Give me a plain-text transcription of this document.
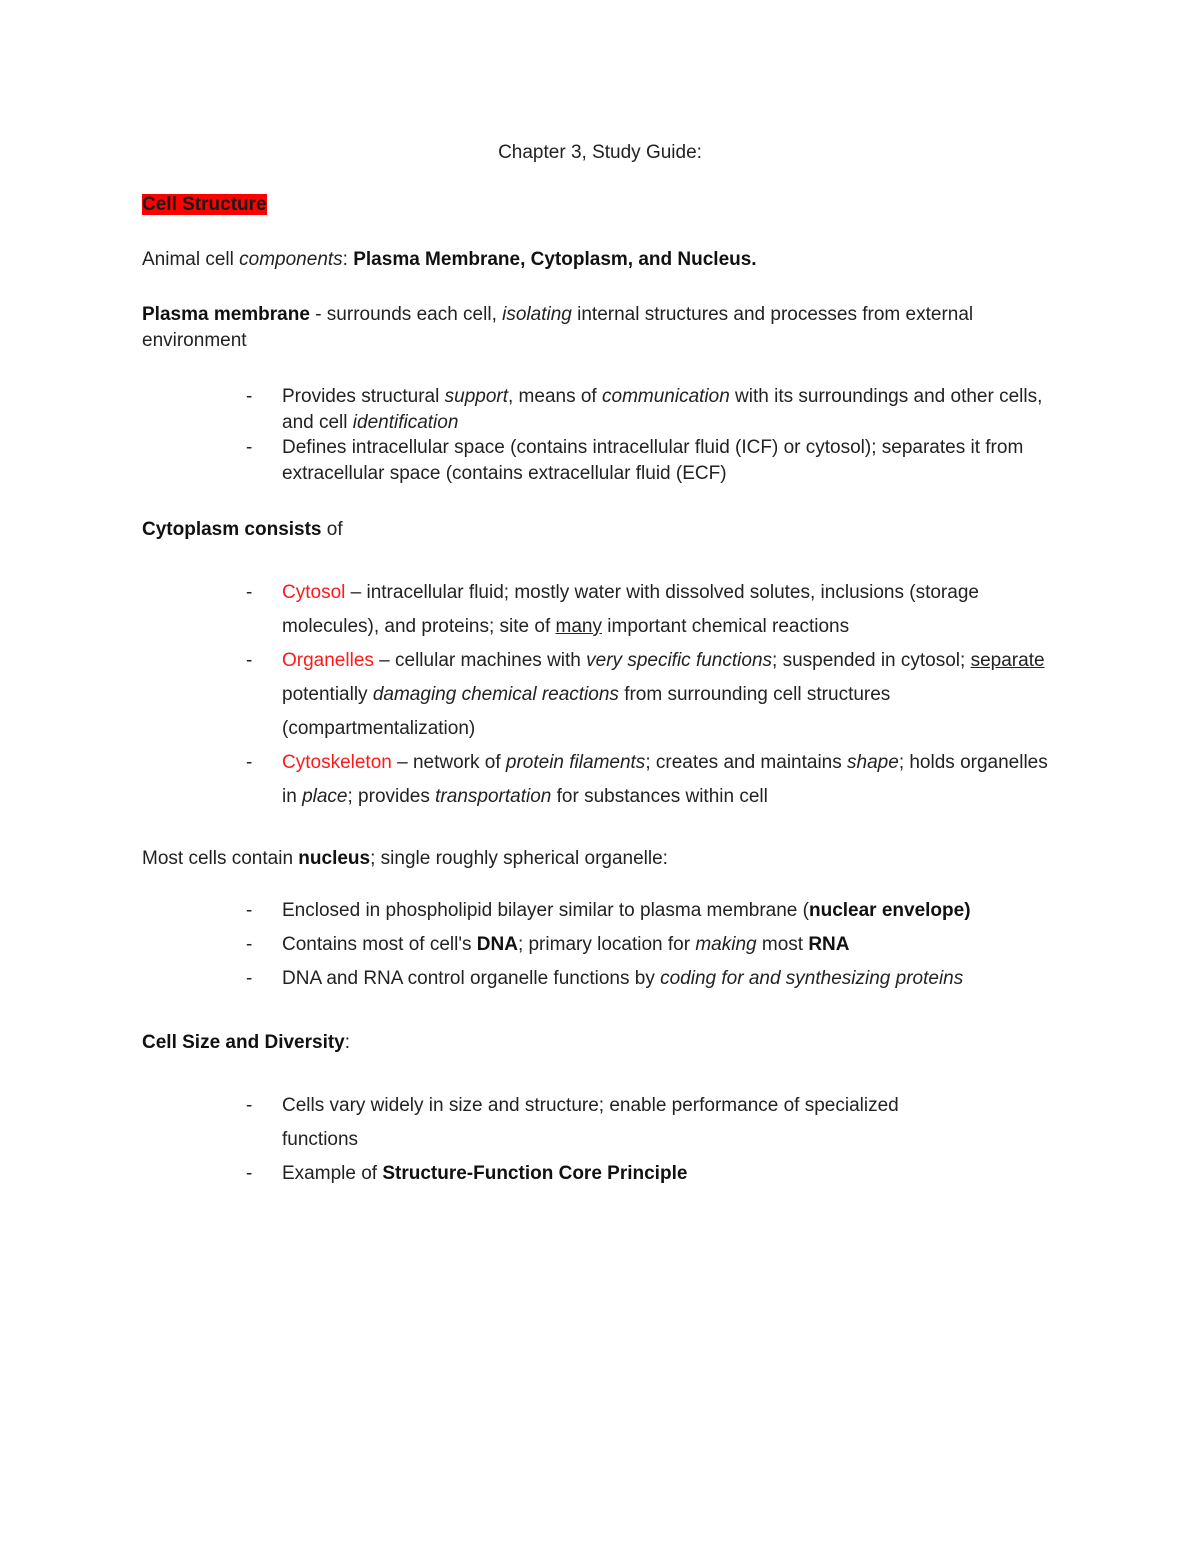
Chapter 3, Study Guide:

Cell Structure

Animal cell components: Plasma Membrane, Cytoplasm, and Nucleus.

Plasma membrane - surrounds each cell, isolating internal structures and processes from external environment

- Provides structural support, means of communication with its surroundings and other cells, and cell identification
- Defines intracellular space (contains intracellular fluid (ICF) or cytosol); separates it from extracellular space (contains extracellular fluid (ECF)

Cytoplasm consists of

- Cytosol – intracellular fluid; mostly water with dissolved solutes, inclusions (storage molecules), and proteins; site of many important chemical reactions
- Organelles – cellular machines with very specific functions; suspended in cytosol; separate potentially damaging chemical reactions from surrounding cell structures (compartmentalization)
- Cytoskeleton – network of protein filaments; creates and maintains shape; holds organelles in place; provides transportation for substances within cell

Most cells contain nucleus; single roughly spherical organelle:

- Enclosed in phospholipid bilayer similar to plasma membrane (nuclear envelope)
- Contains most of cell's DNA; primary location for making most RNA
- DNA and RNA control organelle functions by coding for and synthesizing proteins

Cell Size and Diversity:

- Cells vary widely in size and structure; enable performance of specialized functions
- Example of Structure-Function Core Principle
